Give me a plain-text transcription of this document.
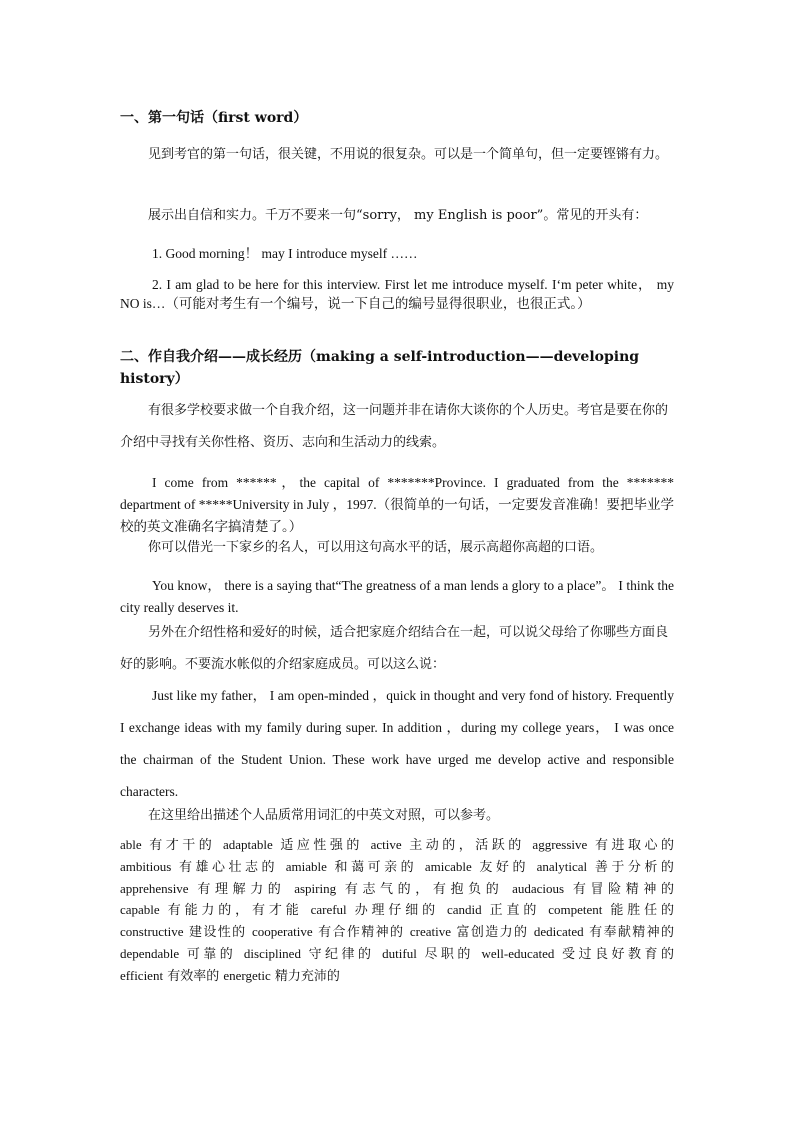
一、第一句话（first word）

见到考官的第一句话，很关键，不用说的很复杂。可以是一个简单句，但一定要铿锵有力。

展示出自信和实力。千万不要来一句“sorry， my English is poor”。常见的开头有：

1. Good morning！ may I introduce myself ……

2. I am glad to be here for this interview. First let me introduce myself. I‘m peter white， my NO is…（可能对考生有一个编号，说一下自己的编号显得很职业，也很正式。）

二、作自我介绍——成长经历（making a self-introduction——developing history）

有很多学校要求做一个自我介绍，这一问题并非在请你大谈你的个人历史。考官是要在你的介绍中寻找有关你性格、资历、志向和生活动力的线索。

I come from ******，the capital of *******Province. I graduated from the ******* department of *****University in July ，1997.（很简单的一句话，一定要发音准确！要把毕业学校的英文准确名字搞清楚了。）

你可以借光一下家乡的名人，可以用这句高水平的话，展示高超你高超的口语。

You know， there is a saying that“The greatness of a man lends a glory to a place”。 I think the city really deserves it.

另外在介绍性格和爱好的时候，适合把家庭介绍结合在一起，可以说父母给了你哪些方面良好的影响。不要流水帐似的介绍家庭成员。可以这么说：

Just like my father， I am open-minded ，quick in thought and very fond of history. Frequently I exchange ideas with my family during super. In addition ，during my college years， I was once the chairman of the Student Union. These work have urged me develop active and responsible characters.

在这里给出描述个人品质常用词汇的中英文对照，可以参考。

able 有才干的 adaptable 适应性强的 active 主动的，活跃的 aggressive 有进取心的 ambitious 有雄心壮志的 amiable 和蔼可亲的 amicable 友好的 analytical 善于分析的 apprehensive 有理解力的 aspiring 有志气的，有抱负的 audacious 有冒险精神的 capable 有能力的，有才能 careful 办理仔细的 candid 正直的 competent 能胜任的 constructive 建设性的 cooperative 有合作精神的 creative 富创造力的 dedicated 有奉献精神的 dependable 可靠的 disciplined 守纪律的 dutiful 尽职的 well-educated 受过良好教育的 efficient 有效率的 energetic 精力充沛的
